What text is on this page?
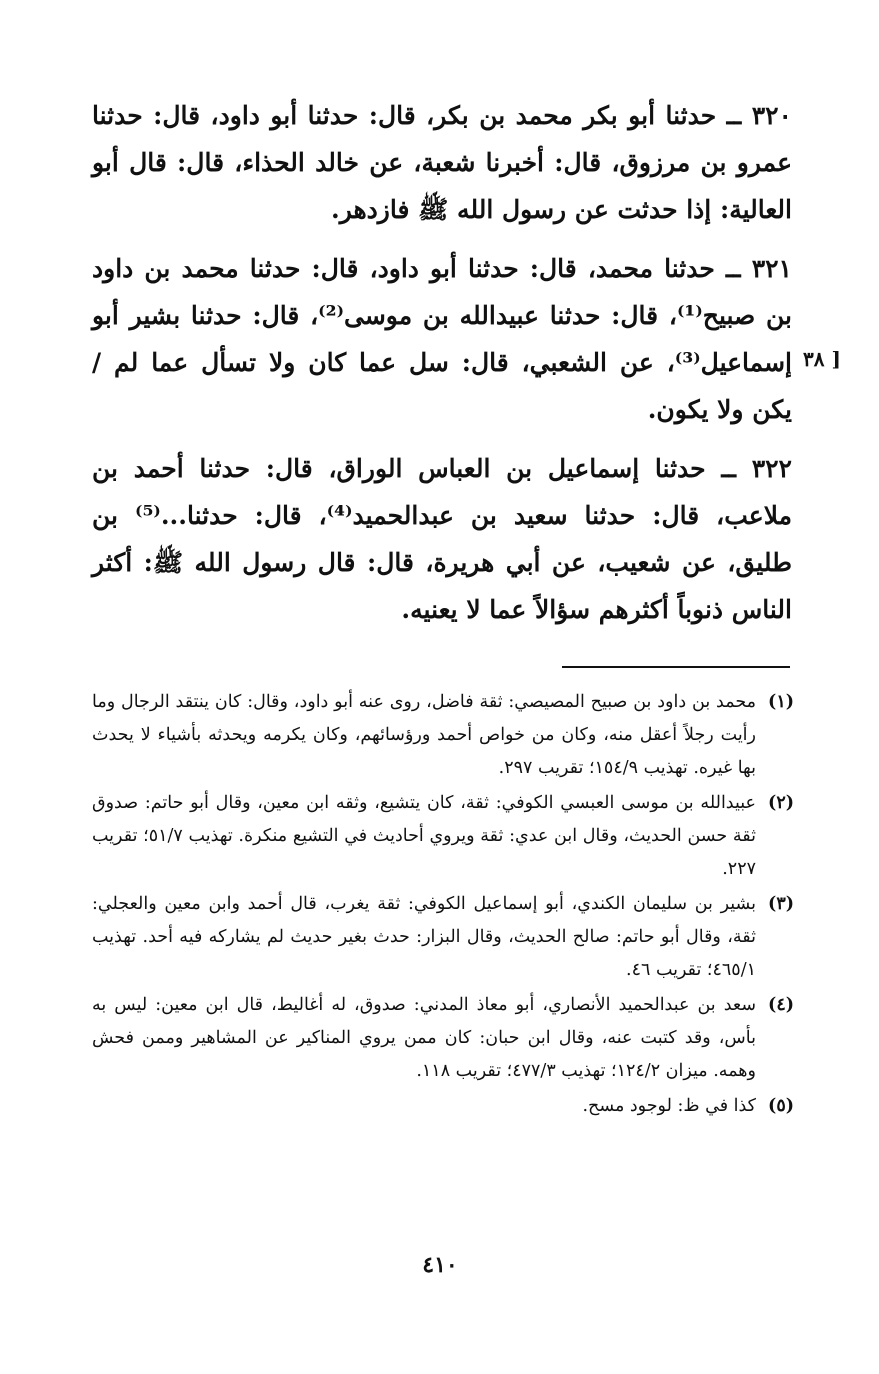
٣٢٠ ــ حدثنا أبو بكر محمد بن بكر، قال: حدثنا أبو داود، قال: حدثنا عمرو بن مرزوق، قال: أخبرنا شعبة، عن خالد الحذاء، قال: قال أبو العالية: إذا حدثت عن رسول الله ﷺ فازدهر.

٣٢١ ــ حدثنا محمد، قال: حدثنا أبو داود، قال: حدثنا محمد بن داود بن صبيح⁽¹⁾، قال: حدثنا عبيدالله بن موسى⁽²⁾، قال: حدثنا بشير أبو إسماعيل⁽³⁾، عن الشعبي، قال: سل عما كان ولا تسأل عما لم / يكن ولا يكون.

٣٢٢ ــ حدثنا إسماعيل بن العباس الوراق، قال: حدثنا أحمد بن ملاعب، قال: حدثنا سعيد بن عبدالحميد⁽⁴⁾، قال: حدثنا...⁽⁵⁾ بن طليق، عن شعيب، عن أبي هريرة، قال: قال رسول الله ﷺ: أكثر الناس ذنوباً أكثرهم سؤالاً عما لا يعنيه.

[ ٣٨
(١)
محمد بن داود بن صبيح المصيصي: ثقة فاضل، روى عنه أبو داود، وقال: كان ينتقد الرجال وما رأيت رجلاً أعقل منه، وكان من خواص أحمد ورؤسائهم، وكان يكرمه ويحدثه بأشياء لا يحدث بها غيره. تهذيب ١٥٤/٩؛ تقريب ٢٩٧.
(٢)
عبيدالله بن موسى العبسي الكوفي: ثقة، كان يتشيع، وثقه ابن معين، وقال أبو حاتم: صدوق ثقة حسن الحديث، وقال ابن عدي: ثقة ويروي أحاديث في التشيع منكرة. تهذيب ٥١/٧؛ تقريب ٢٢٧.
(٣)
بشير بن سليمان الكندي، أبو إسماعيل الكوفي: ثقة يغرب، قال أحمد وابن معين والعجلي: ثقة، وقال أبو حاتم: صالح الحديث، وقال البزار: حدث بغير حديث لم يشاركه فيه أحد. تهذيب ٤٦٥/١؛ تقريب ٤٦.
(٤)
سعد بن عبدالحميد الأنصاري، أبو معاذ المدني: صدوق، له أغاليط، قال ابن معين: ليس به بأس، وقد كتبت عنه، وقال ابن حبان: كان ممن يروي المناكير عن المشاهير وممن فحش وهمه. ميزان ١٢٤/٢؛ تهذيب ٤٧٧/٣؛ تقريب ١١٨.
(٥)
كذا في ظ: لوجود مسح.
٤١٠
